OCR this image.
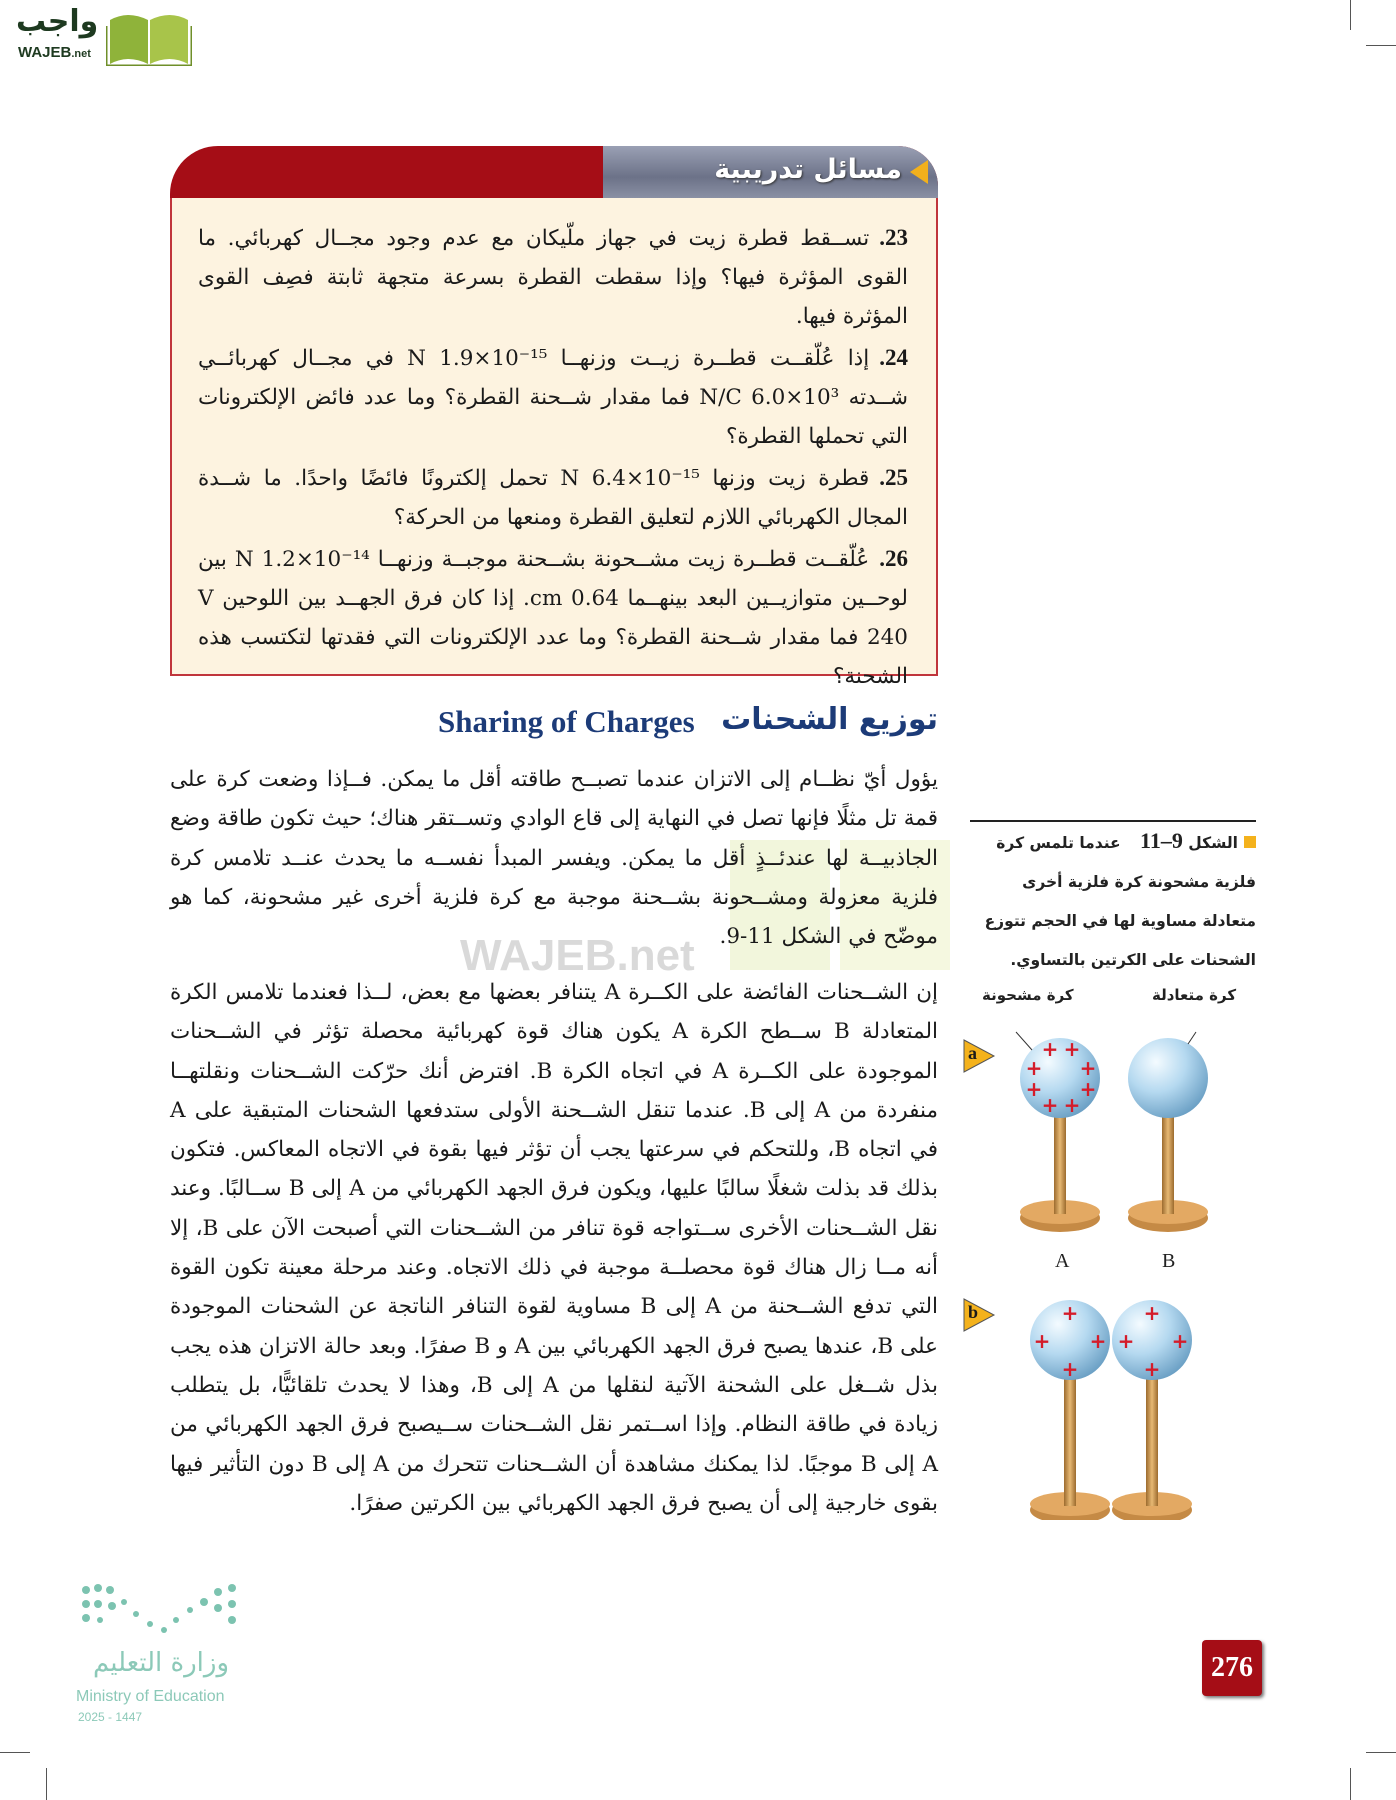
واجب
WAJEB.net
مسائل تدريبية

23.تســقط قطرة زيت في جهاز ملّيكان مع عدم وجود مجــال كهربائي. ما القوى المؤثرة فيها؟ وإذا سقطت القطرة بسرعة متجهة ثابتة فصِف القوى المؤثرة فيها.

24.إذا عُلّقــت قطــرة زيــت وزنهــا N ‎1.9×10⁻¹⁵‎ في مجــال كهربائــي شــدته N/C ‎6.0×10³‎ فما مقدار شــحنة القطرة؟ وما عدد فائض الإلكترونات التي تحملها القطرة؟

25.قطرة زيت وزنها N ‎6.4×10⁻¹⁵‎ تحمل إلكترونًا فائضًا واحدًا. ما شــدة المجال الكهربائي اللازم لتعليق القطرة ومنعها من الحركة؟

26.عُلّقــت قطــرة زيت مشــحونة بشــحنة موجبــة وزنهــا N ‎1.2×10⁻¹⁴‎ بين لوحــين متوازيــين البعد بينهــما 0.64 cm. إذا كان فرق الجهــد بين اللوحين V 240 فما مقدار شــحنة القطرة؟ وما عدد الإلكترونات التي فقدتها لتكتسب هذه الشحنة؟

توزيع الشحنات
Sharing of Charges
WAJEB.net
يؤول أيّ نظــام إلى الاتزان عندما تصبــح طاقته أقل ما يمكن. فــإذا وضعت كرة على قمة تل مثلًا فإنها تصل في النهاية إلى قاع الوادي وتســتقر هناك؛ حيث تكون طاقة وضع الجاذبيــة لها عندئــذٍ أقل ما يمكن. ويفسر المبدأ نفســه ما يحدث عنــد تلامس كرة فلزية معزولة ومشــحونة بشــحنة موجبة مع كرة فلزية أخرى غير مشحونة، كما هو موضّح في الشكل 11-9.
إن الشــحنات الفائضة على الكــرة A يتنافر بعضها مع بعض، لــذا فعندما تلامس الكرة المتعادلة B ســطح الكرة A يكون هناك قوة كهربائية محصلة تؤثر في الشــحنات الموجودة على الكــرة A في اتجاه الكرة B. افترض أنك حرّكت الشــحنات ونقلتهــا منفردة من A إلى B. عندما تنقل الشــحنة الأولى ستدفعها الشحنات المتبقية على A في اتجاه B، وللتحكم في سرعتها يجب أن تؤثر فيها بقوة في الاتجاه المعاكس. فتكون بذلك قد بذلت شغلًا سالبًا عليها، ويكون فرق الجهد الكهربائي من A إلى B ســالبًا. وعند نقل الشــحنات الأخرى ســتواجه قوة تنافر من الشــحنات التي أصبحت الآن على B، إلا أنه مــا زال هناك قوة محصلــة موجبة في ذلك الاتجاه. وعند مرحلة معينة تكون القوة التي تدفع الشــحنة من A إلى B مساوية لقوة التنافر الناتجة عن الشحنات الموجودة على B، عندها يصبح فرق الجهد الكهربائي بين A و B صفرًا. وبعد حالة الاتزان هذه يجب بذل شــغل على الشحنة الآتية لنقلها من A إلى B، وهذا لا يحدث تلقائيًّا، بل يتطلب زيادة في طاقة النظام. وإذا اســتمر نقل الشــحنات ســيصبح فرق الجهد الكهربائي من A إلى B موجبًا. لذا يمكنك مشاهدة أن الشــحنات تتحرك من A إلى B دون التأثير فيها بقوى خارجية إلى أن يصبح فرق الجهد الكهربائي بين الكرتين صفرًا.
الشكل 9–11 عندما تلمس كرة فلزية مشحونة كرة فلزية أخرى متعادلة مساوية لها في الحجم تتوزع الشحنات على الكرتين بالتساوي.
كرة مشحونة	كرة متعادلة
A	B
a
b
+ +
+ +
+ +
+ +
+
+ +
+
+
+ +
+
276
وزارة التعليم
Ministry of Education
2025 - 1447
